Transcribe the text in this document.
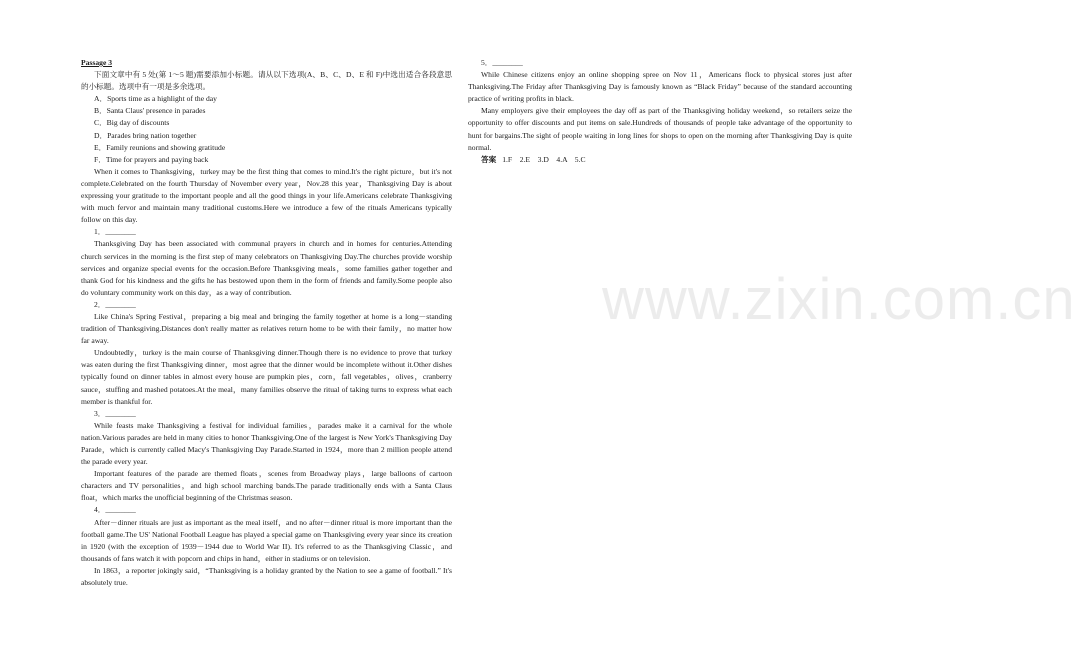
Passage 3

下面文章中有 5 处(第 1～5 题)需要添加小标题。请从以下选项(A、B、C、D、E 和 F)中选出适合各段意思的小标题。选项中有一项是多余选项。

A．Sports time as a highlight of the day

B．Santa Claus' presence in parades

C．Big day of discounts

D．Parades bring nation together

E．Family reunions and showing gratitude

F．Time for prayers and paying back

When it comes to Thanksgiving，turkey may be the first thing that comes to mind.It's the right picture，but it's not complete.Celebrated on the fourth Thursday of November every year，Nov.28 this year，Thanksgiving Day is about expressing your gratitude to the important people and all the good things in your life.Americans celebrate Thanksgiving with much fervor and maintain many traditional customs.Here we introduce a few of the rituals Americans typically follow on this day.

1．________

Thanksgiving Day has been associated with communal prayers in church and in homes for centuries.Attending church services in the morning is the first step of many celebrators on Thanksgiving Day.The churches provide worship services and organize special events for the occasion.Before Thanksgiving meals，some families gather together and thank God for his kindness and the gifts he has bestowed upon them in the form of friends and family.Some people also do voluntary community work on this day，as a way of contribution.

2．________

Like China's Spring Festival，preparing a big meal and bringing the family together at home is a long－standing tradition of Thanksgiving.Distances don't really matter as relatives return home to be with their family，no matter how far away.

Undoubtedly，turkey is the main course of Thanksgiving dinner.Though there is no evidence to prove that turkey was eaten during the first Thanksgiving dinner，most agree that the dinner would be incomplete without it.Other dishes typically found on dinner tables in almost every house are pumpkin pies，corn，fall vegetables，olives，cranberry sauce，stuffing and mashed potatoes.At the meal，many families observe the ritual of taking turns to express what each member is thankful for.

3．________

While feasts make Thanksgiving a festival for individual families，parades make it a carnival for the whole nation.Various parades are held in many cities to honor Thanksgiving.One of the largest is New York's Thanksgiving Day Parade，which is currently called Macy's Thanksgiving Day Parade.Started in 1924，more than 2 million people attend the parade every year.

Important features of the parade are themed floats，scenes from Broadway plays，large balloons of cartoon characters and TV personalities，and high school marching bands.The parade traditionally ends with a Santa Claus float，which marks the unofficial beginning of the Christmas season.

4．________

After－dinner rituals are just as important as the meal itself，and no after－dinner ritual is more important than the football game.The US' National Football League has played a special game on Thanksgiving every year since its creation in 1920 (with the exception of 1939－1944 due to World War II). It's referred to as the Thanksgiving Classic，and thousands of fans watch it with popcorn and chips in hand，either in stadiums or on television.

In 1863，a reporter jokingly said，“Thanksgiving is a holiday granted by the Nation to see a game of football.” It's absolutely true.

5．________

While Chinese citizens enjoy an online shopping spree on Nov 11，Americans flock to physical stores just after Thanksgiving.The Friday after Thanksgiving Day is famously known as “Black Friday” because of the standard accounting practice of writing profits in black.

Many employers give their employees the day off as part of the Thanksgiving holiday weekend，so retailers seize the opportunity to offer discounts and put items on sale.Hundreds of thousands of people take advantage of the opportunity to hunt for bargains.The sight of people waiting in long lines for shops to open on the morning after Thanksgiving Day is quite normal.

答案 1.F　2.E　3.D　4.A　5.C

www.zixin.com.cn
